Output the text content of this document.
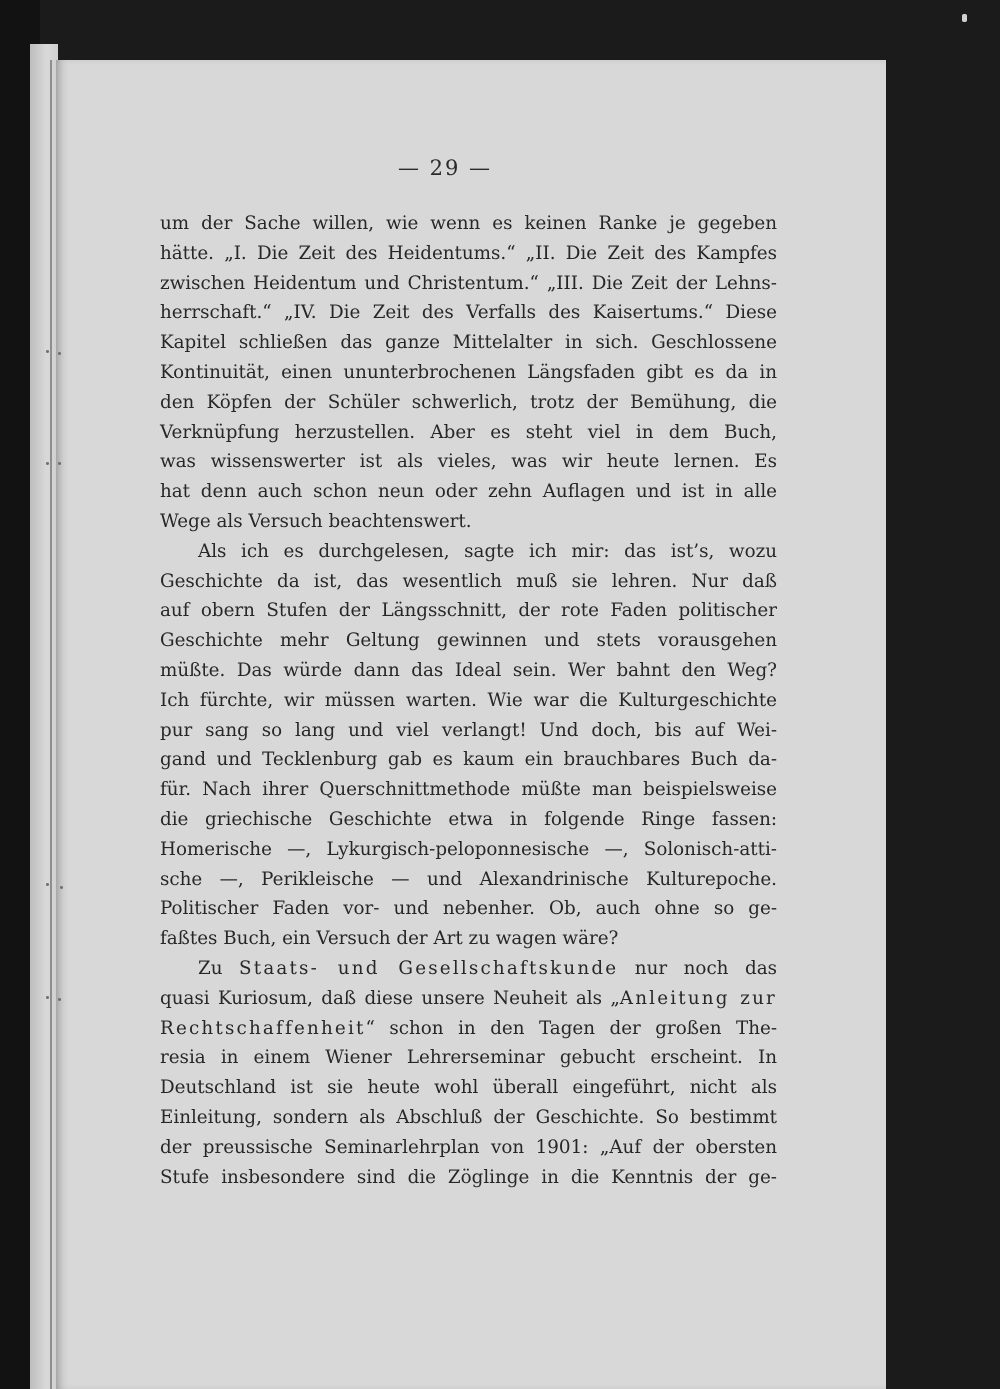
— 29 —
um der Sache willen, wie wenn es keinen Ranke je gegeben
hätte. „I. Die Zeit des Heidentums.“ „II. Die Zeit des Kampfes
zwischen Heidentum und Christentum.“ „III. Die Zeit der Lehns-
herrschaft.“ „IV. Die Zeit des Verfalls des Kaisertums.“ Diese
Kapitel schließen das ganze Mittelalter in sich. Geschlossene
Kontinuität, einen ununterbrochenen Längsfaden gibt es da in
den Köpfen der Schüler schwerlich, trotz der Bemühung, die
Verknüpfung herzustellen. Aber es steht viel in dem Buch,
was wissenswerter ist als vieles, was wir heute lernen. Es
hat denn auch schon neun oder zehn Auflagen und ist in alle
Wege als Versuch beachtenswert.
Als ich es durchgelesen, sagte ich mir: das ist’s, wozu
Geschichte da ist, das wesentlich muß sie lehren. Nur daß
auf obern Stufen der Längsschnitt, der rote Faden politischer
Geschichte mehr Geltung gewinnen und stets vorausgehen
müßte. Das würde dann das Ideal sein. Wer bahnt den Weg?
Ich fürchte, wir müssen warten. Wie war die Kulturgeschichte
pur sang so lang und viel verlangt! Und doch, bis auf Wei-
gand und Tecklenburg gab es kaum ein brauchbares Buch da-
für. Nach ihrer Querschnittmethode müßte man beispielsweise
die griechische Geschichte etwa in folgende Ringe fassen:
Homerische —, Lykurgisch-peloponnesische —, Solonisch-atti-
sche —, Perikleische — und Alexandrinische Kulturepoche.
Politischer Faden vor- und nebenher. Ob, auch ohne so ge-
faßtes Buch, ein Versuch der Art zu wagen wäre?
Zu Staats- und Gesellschaftskunde nur noch das
quasi Kuriosum, daß diese unsere Neuheit als „Anleitung zur
Rechtschaffenheit“ schon in den Tagen der großen The-
resia in einem Wiener Lehrerseminar gebucht erscheint. In
Deutschland ist sie heute wohl überall eingeführt, nicht als
Einleitung, sondern als Abschluß der Geschichte. So bestimmt
der preussische Seminarlehrplan von 1901: „Auf der obersten
Stufe insbesondere sind die Zöglinge in die Kenntnis der ge-
